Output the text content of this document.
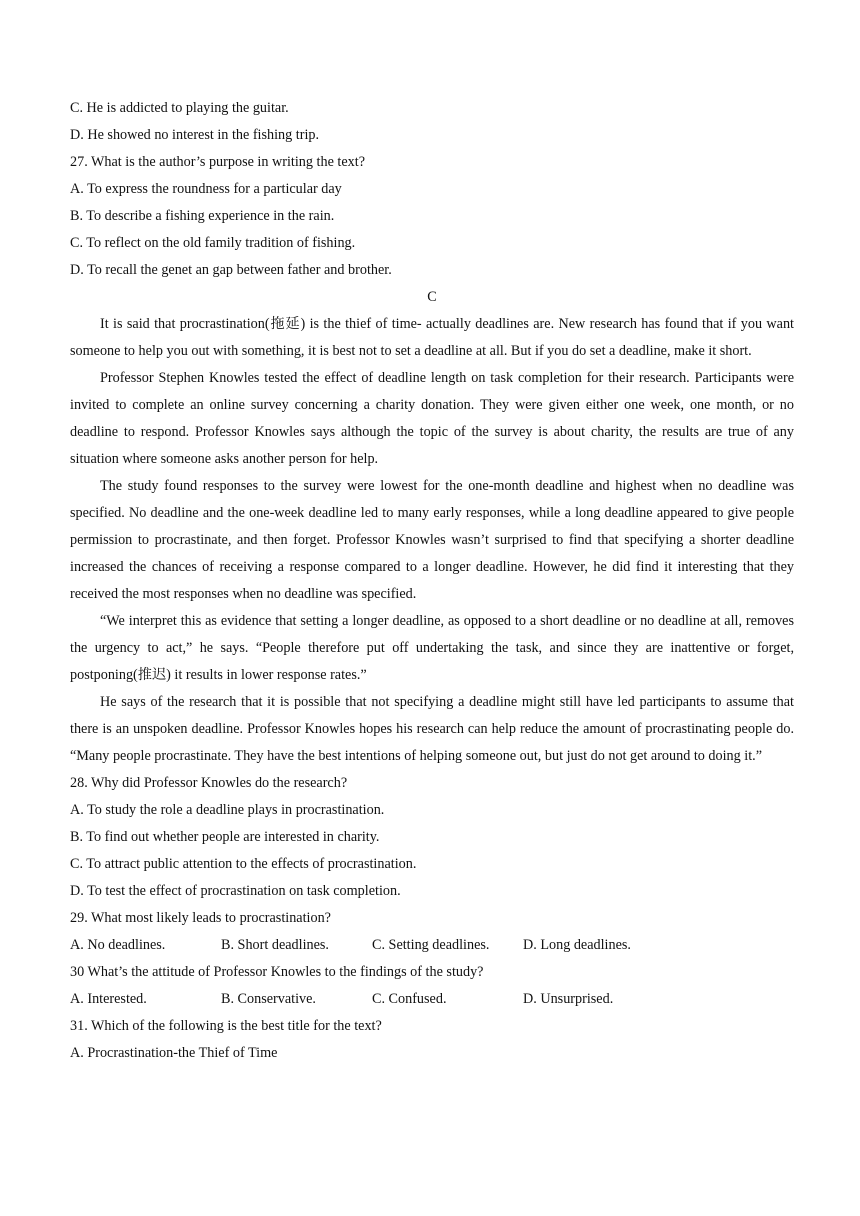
C. He is addicted to playing the guitar.
D. He showed no interest in the fishing trip.
27. What is the author’s purpose in writing the text?
A. To express the roundness for a particular day
B. To describe a fishing experience in the rain.
C. To reflect on the old family tradition of fishing.
D. To recall the genet an gap between father and brother.
C

It is said that procrastination(拖延) is the thief of time- actually deadlines are. New research has found that if you want someone to help you out with something, it is best not to set a deadline at all. But if you do set a deadline, make it short.

Professor Stephen Knowles tested the effect of deadline length on task completion for their research. Participants were invited to complete an online survey concerning a charity donation. They were given either one week, one month, or no deadline to respond. Professor Knowles says although the topic of the survey is about charity, the results are true of any situation where someone asks another person for help.

The study found responses to the survey were lowest for the one-month deadline and highest when no deadline was specified. No deadline and the one-week deadline led to many early responses, while a long deadline appeared to give people permission to procrastinate, and then forget. Professor Knowles wasn’t surprised to find that specifying a shorter deadline increased the chances of receiving a response compared to a longer deadline. However, he did find it interesting that they received the most responses when no deadline was specified.

“We interpret this as evidence that setting a longer deadline, as opposed to a short deadline or no deadline at all, removes the urgency to act,” he says. “People therefore put off undertaking the task, and since they are inattentive or forget, postponing(推迟) it results in lower response rates.”

He says of the research that it is possible that not specifying a deadline might still have led participants to assume that there is an unspoken deadline. Professor Knowles hopes his research can help reduce the amount of procrastinating people do. “Many people procrastinate. They have the best intentions of helping someone out, but just do not get around to doing it.”

28. Why did Professor Knowles do the research?
A. To study the role a deadline plays in procrastination.
B. To find out whether people are interested in charity.
C. To attract public attention to the effects of procrastination.
D. To test the effect of procrastination on task completion.
29. What most likely leads to procrastination?
A. No deadlines.	B. Short deadlines.	C. Setting deadlines.	D. Long deadlines.
30 What’s the attitude of Professor Knowles to the findings of the study?
A. Interested.	B. Conservative.	C. Confused.	D. Unsurprised.
31. Which of the following is the best title for the text?
A. Procrastination-the Thief of Time
